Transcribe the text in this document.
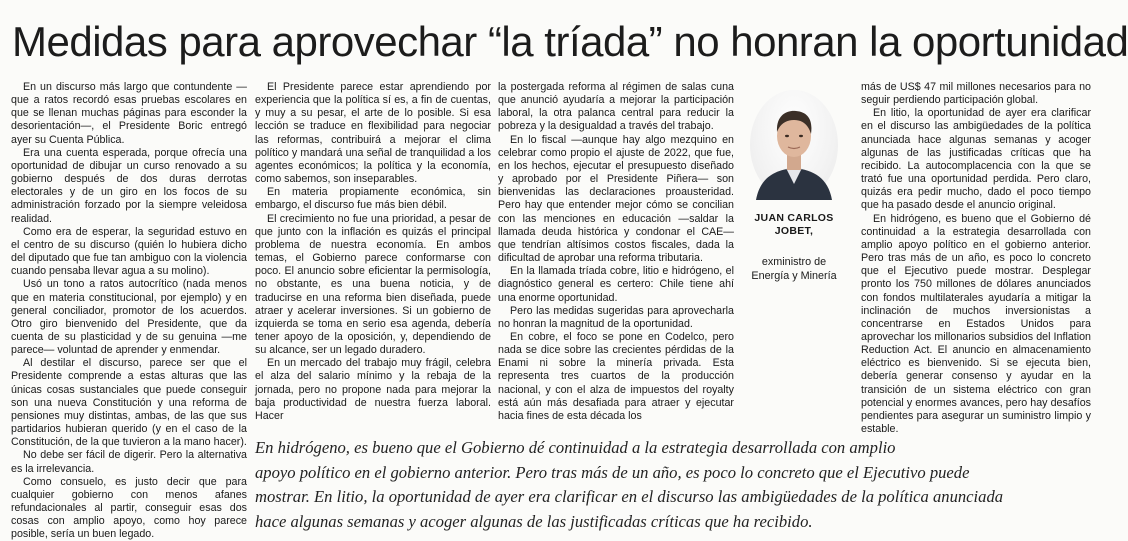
Medidas para aprovechar “la tríada” no honran la oportunidad

En un discurso más largo que contundente —que a ratos recordó esas pruebas escolares en que se llenan muchas páginas para esconder la desorientación—, el Presidente Boric entregó ayer su Cuenta Pública.

Era una cuenta esperada, porque ofrecía una oportunidad de dibujar un curso renovado a su gobierno después de dos duras derrotas electorales y de un giro en los focos de su administración forzado por la siempre veleidosa realidad.

Como era de esperar, la seguridad estuvo en el centro de su discurso (quién lo hubiera dicho del diputado que fue tan ambiguo con la violencia cuando pensaba llevar agua a su molino).

Usó un tono a ratos autocrítico (nada menos que en materia constitucional, por ejemplo) y en general conciliador, promotor de los acuerdos. Otro giro bienvenido del Presidente, que da cuenta de su plasticidad y de su genuina —me parece— voluntad de aprender y enmendar.

Al destilar el discurso, parece ser que el Presidente comprende a estas alturas que las únicas cosas sustanciales que puede conseguir son una nueva Constitución y una reforma de pensiones muy distintas, ambas, de las que sus partidarios hubieran querido (y en el caso de la Constitución, de la que tuvieron a la mano hacer).

No debe ser fácil de digerir. Pero la alternativa es la irrelevancia.

Como consuelo, es justo decir que para cualquier gobierno con menos afanes refundacionales al partir, conseguir esas dos cosas con amplio apoyo, como hoy parece posible, sería un buen legado.

El Presidente parece estar aprendiendo por experiencia que la política sí es, a fin de cuentas, y muy a su pesar, el arte de lo posible. Si esa lección se traduce en flexibilidad para negociar las reformas, contribuirá a mejorar el clima político y mandará una señal de tranquilidad a los agentes económicos; la política y la economía, como sabemos, son inseparables.

En materia propiamente económica, sin embargo, el discurso fue más bien débil.

El crecimiento no fue una prioridad, a pesar de que junto con la inflación es quizás el principal problema de nuestra economía. En ambos temas, el Gobierno parece conformarse con poco. El anuncio sobre eficientar la permisología, no obstante, es una buena noticia, y de traducirse en una reforma bien diseñada, puede atraer y acelerar inversiones. Si un gobierno de izquierda se toma en serio esa agenda, debería tener apoyo de la oposición, y, dependiendo de su alcance, ser un legado duradero.

En un mercado del trabajo muy frágil, celebra el alza del salario mínimo y la rebaja de la jornada, pero no propone nada para mejorar la baja productividad de nuestra fuerza laboral. Hacer

la postergada reforma al régimen de salas cuna que anunció ayudaría a mejorar la participación laboral, la otra palanca central para reducir la pobreza y la desigualdad a través del trabajo.

En lo fiscal —aunque hay algo mezquino en celebrar como propio el ajuste de 2022, que fue, en los hechos, ejecutar el presupuesto diseñado y aprobado por el Presidente Piñera— son bienvenidas las declaraciones proausteridad. Pero hay que entender mejor cómo se concilian con las menciones en educación —saldar la llamada deuda histórica y condonar el CAE— que tendrían altísimos costos fiscales, dada la dificultad de aprobar una reforma tributaria.

En la llamada tríada cobre, litio e hidrógeno, el diagnóstico general es certero: Chile tiene ahí una enorme oportunidad.

Pero las medidas sugeridas para aprovecharla no honran la magnitud de la oportunidad.

En cobre, el foco se pone en Codelco, pero nada se dice sobre las crecientes pérdidas de la Enami ni sobre la minería privada. Esta representa tres cuartos de la producción nacional, y con el alza de impuestos del royalty está aún más desafiada para atraer y ejecutar hacia fines de esta década los

JUAN CARLOS
JOBET,
exministro de
Energía y Minería

más de US$ 47 mil millones necesarios para no seguir perdiendo participación global.

En litio, la oportunidad de ayer era clarificar en el discurso las ambigüedades de la política anunciada hace algunas semanas y acoger algunas de las justificadas críticas que ha recibido. La autocomplacencia con la que se trató fue una oportunidad perdida. Pero claro, quizás era pedir mucho, dado el poco tiempo que ha pasado desde el anuncio original.

En hidrógeno, es bueno que el Gobierno dé continuidad a la estrategia desarrollada con amplio apoyo político en el gobierno anterior. Pero tras más de un año, es poco lo concreto que el Ejecutivo puede mostrar. Desplegar pronto los 750 millones de dólares anunciados con fondos multilaterales ayudaría a mitigar la inclinación de muchos inversionistas a concentrarse en Estados Unidos para aprovechar los millonarios subsidios del Inflation Reduction Act. El anuncio en almacenamiento eléctrico es bienvenido. Si se ejecuta bien, debería generar consenso y ayudar en la transición de un sistema eléctrico con gran potencial y enormes avances, pero hay desafíos pendientes para asegurar un suministro limpio y estable.

En hidrógeno, es bueno que el Gobierno dé continuidad a la estrategia desarrollada con amplio
apoyo político en el gobierno anterior. Pero tras más de un año, es poco lo concreto que el Ejecutivo puede
mostrar. En litio, la oportunidad de ayer era clarificar en el discurso las ambigüedades de la política anunciada
hace algunas semanas y acoger algunas de las justificadas críticas que ha recibido.
